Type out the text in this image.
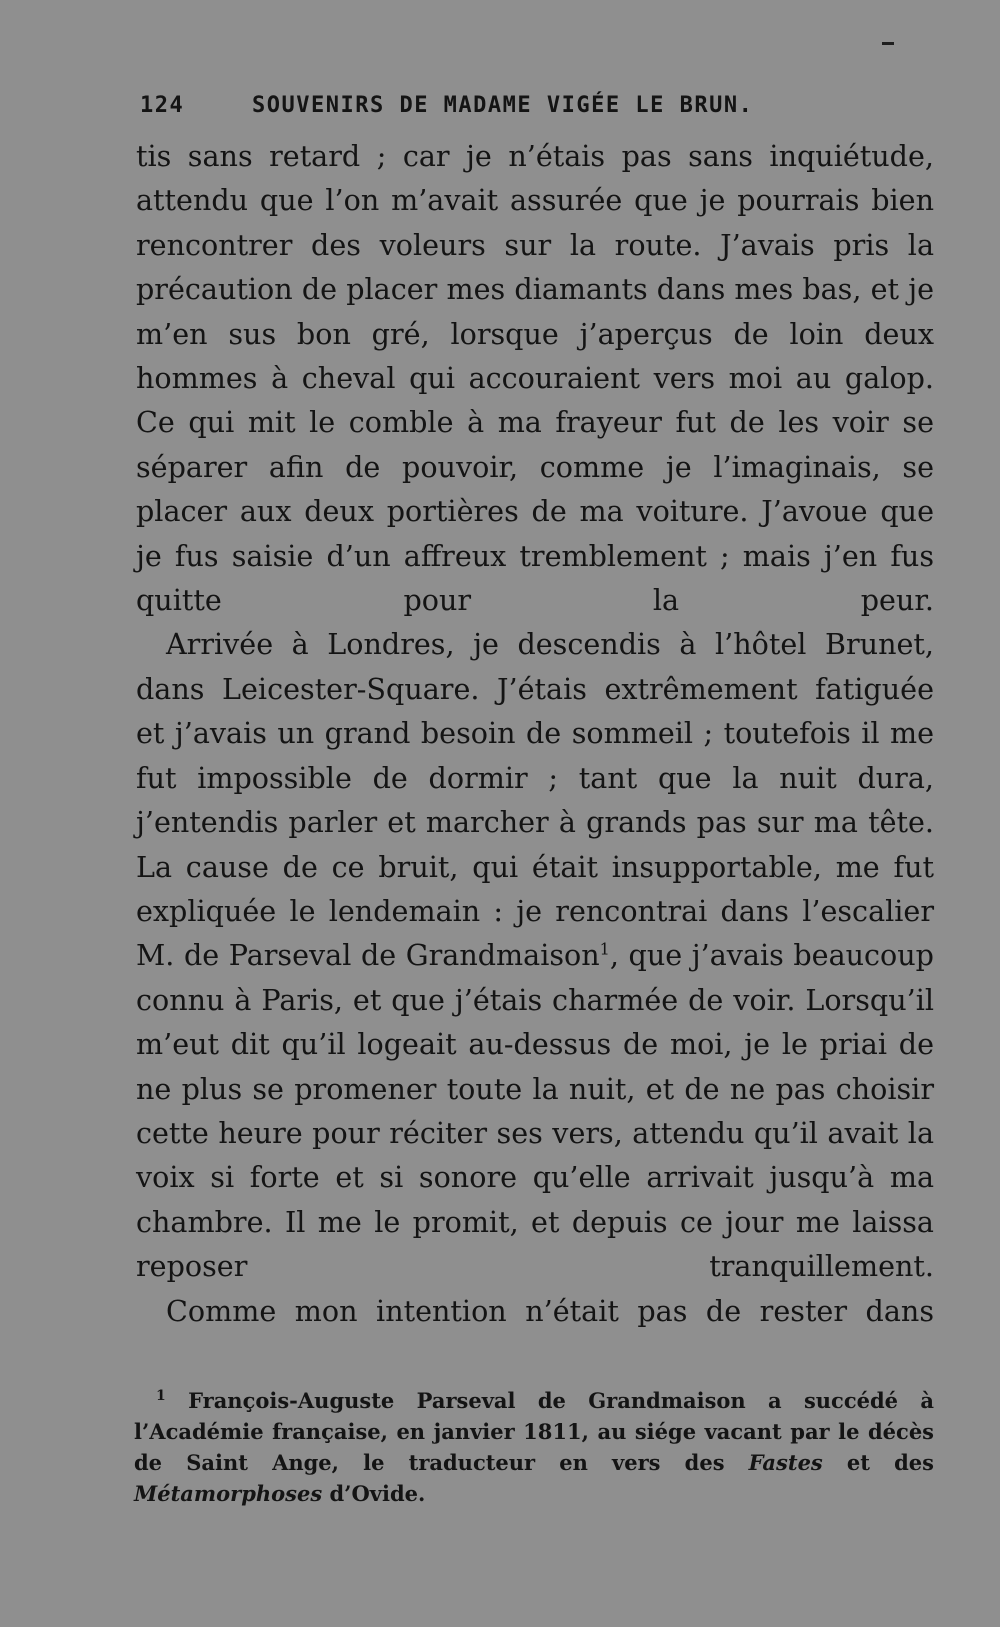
124	SOUVENIRS DE MADAME VIGÉE LE BRUN.

tis sans retard ; car je n’étais pas sans inquiétude, attendu que l’on m’avait assurée que je pourrais bien rencontrer des voleurs sur la route. J’avais pris la précaution de placer mes diamants dans mes bas, et je m’en sus bon gré, lorsque j’aperçus de loin deux hommes à cheval qui accouraient vers moi au galop. Ce qui mit le comble à ma frayeur fut de les voir se séparer afin de pouvoir, comme je l’imaginais, se placer aux deux portières de ma voiture. J’avoue que je fus saisie d’un affreux tremblement ; mais j’en fus quitte pour la peur.

Arrivée à Londres, je descendis à l’hôtel Brunet, dans Leicester-Square. J’étais extrêmement fatiguée et j’avais un grand besoin de sommeil ; toutefois il me fut impossible de dormir ; tant que la nuit dura, j’entendis parler et marcher à grands pas sur ma tête. La cause de ce bruit, qui était insupportable, me fut expliquée le lendemain : je rencontrai dans l’escalier M. de Parseval de Grandmaison$^1$, que j’avais beaucoup connu à Paris, et que j’étais charmée de voir. Lorsqu’il m’eut dit qu’il logeait au-dessus de moi, je le priai de ne plus se promener toute la nuit, et de ne pas choisir cette heure pour réciter ses vers, attendu qu’il avait la voix si forte et si sonore qu’elle arrivait jusqu’à ma chambre. Il me le promit, et depuis ce jour me laissa reposer tranquillement.

Comme mon intention n’était pas de rester dans

$^1$ François-Auguste Parseval de Grandmaison a succédé à l’Académie française, en janvier 1811, au siége vacant par le décès de Saint Ange, le traducteur en vers des Fastes et des Métamorphoses d’Ovide.
